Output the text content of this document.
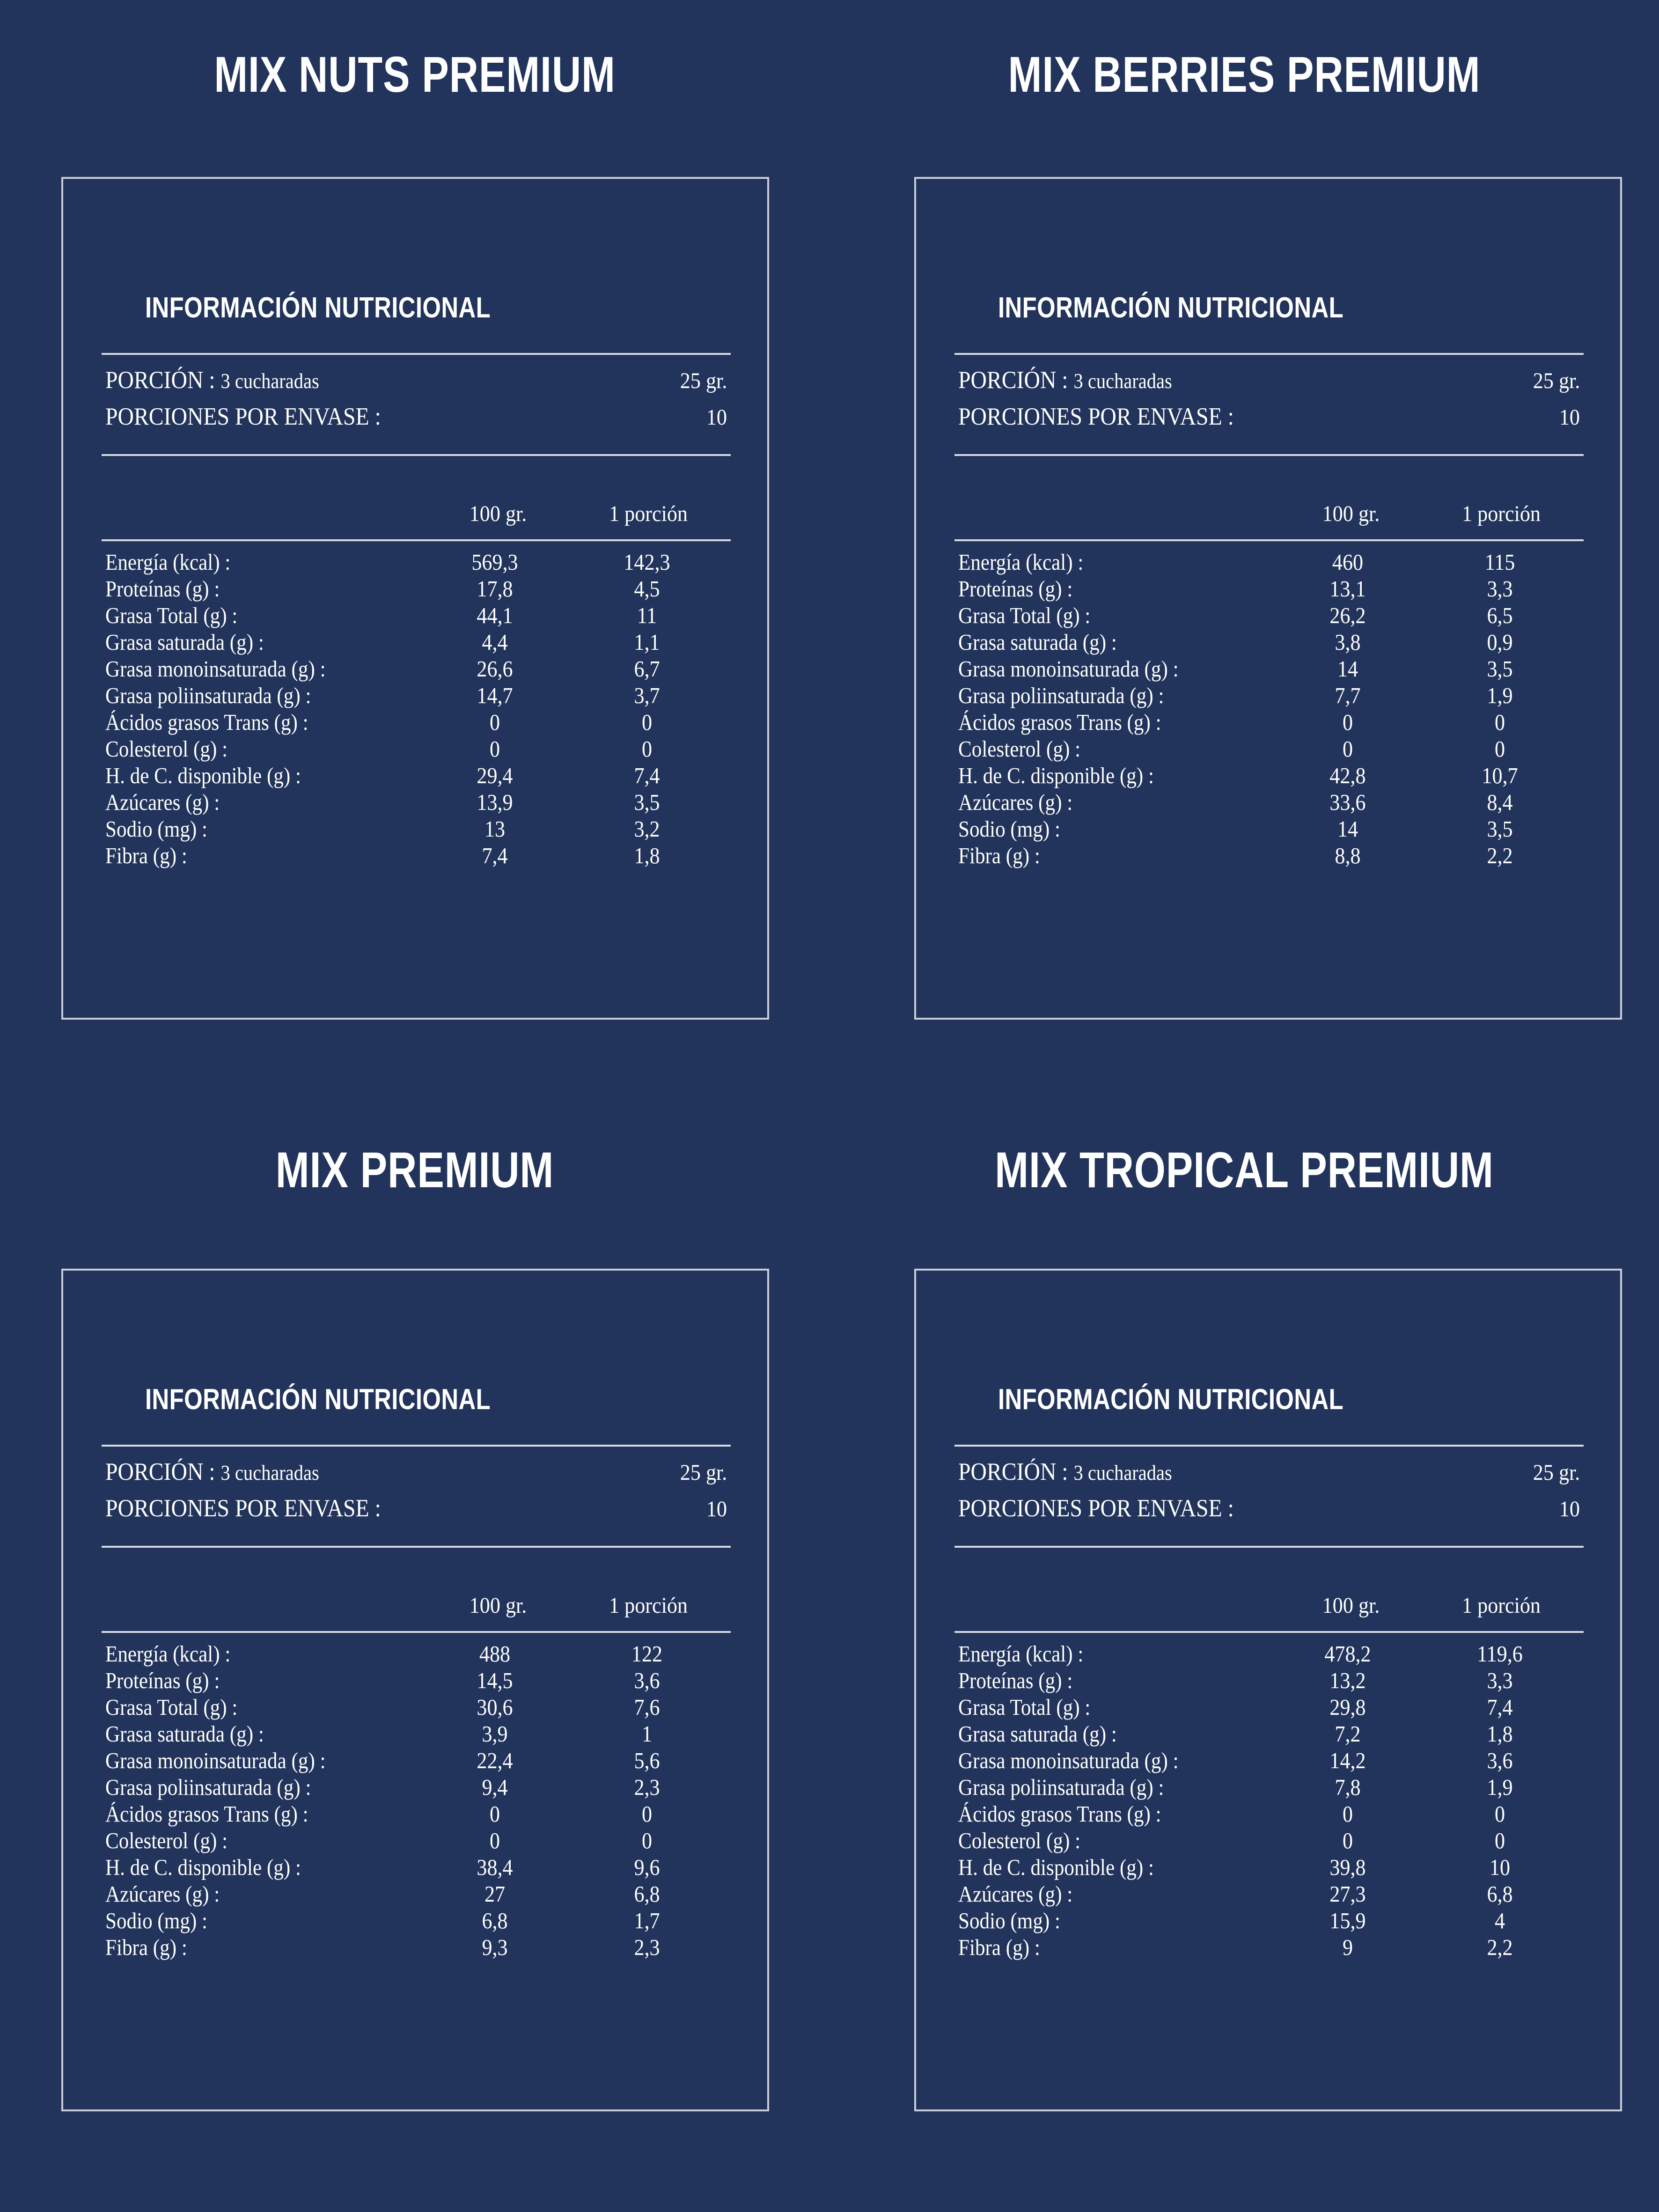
MIX NUTS PREMIUM
INFORMACIÓN NUTRICIONAL
PORCIÓN : 3 cucharadas	25 gr.
PORCIONES POR ENVASE :	10
100 gr.	1 porción
Energía (kcal) :	569,3	142,3
Proteínas (g) :	17,8	4,5
Grasa Total (g) :	44,1	11
Grasa saturada (g) :	4,4	1,1
Grasa monoinsaturada (g) :	26,6	6,7
Grasa poliinsaturada (g) :	14,7	3,7
Ácidos grasos Trans (g) :	0	0
Colesterol (g) :	0	0
H. de C. disponible (g) :	29,4	7,4
Azúcares (g) :	13,9	3,5
Sodio (mg) :	13	3,2
Fibra (g) :	7,4	1,8
MIX BERRIES PREMIUM
INFORMACIÓN NUTRICIONAL
PORCIÓN : 3 cucharadas	25 gr.
PORCIONES POR ENVASE :	10
100 gr.	1 porción
Energía (kcal) :	460	115
Proteínas (g) :	13,1	3,3
Grasa Total (g) :	26,2	6,5
Grasa saturada (g) :	3,8	0,9
Grasa monoinsaturada (g) :	14	3,5
Grasa poliinsaturada (g) :	7,7	1,9
Ácidos grasos Trans (g) :	0	0
Colesterol (g) :	0	0
H. de C. disponible (g) :	42,8	10,7
Azúcares (g) :	33,6	8,4
Sodio (mg) :	14	3,5
Fibra (g) :	8,8	2,2
MIX PREMIUM
INFORMACIÓN NUTRICIONAL
PORCIÓN : 3 cucharadas	25 gr.
PORCIONES POR ENVASE :	10
100 gr.	1 porción
Energía (kcal) :	488	122
Proteínas (g) :	14,5	3,6
Grasa Total (g) :	30,6	7,6
Grasa saturada (g) :	3,9	1
Grasa monoinsaturada (g) :	22,4	5,6
Grasa poliinsaturada (g) :	9,4	2,3
Ácidos grasos Trans (g) :	0	0
Colesterol (g) :	0	0
H. de C. disponible (g) :	38,4	9,6
Azúcares (g) :	27	6,8
Sodio (mg) :	6,8	1,7
Fibra (g) :	9,3	2,3
MIX TROPICAL PREMIUM
INFORMACIÓN NUTRICIONAL
PORCIÓN : 3 cucharadas	25 gr.
PORCIONES POR ENVASE :	10
100 gr.	1 porción
Energía (kcal) :	478,2	119,6
Proteínas (g) :	13,2	3,3
Grasa Total (g) :	29,8	7,4
Grasa saturada (g) :	7,2	1,8
Grasa monoinsaturada (g) :	14,2	3,6
Grasa poliinsaturada (g) :	7,8	1,9
Ácidos grasos Trans (g) :	0	0
Colesterol (g) :	0	0
H. de C. disponible (g) :	39,8	10
Azúcares (g) :	27,3	6,8
Sodio (mg) :	15,9	4
Fibra (g) :	9	2,2
